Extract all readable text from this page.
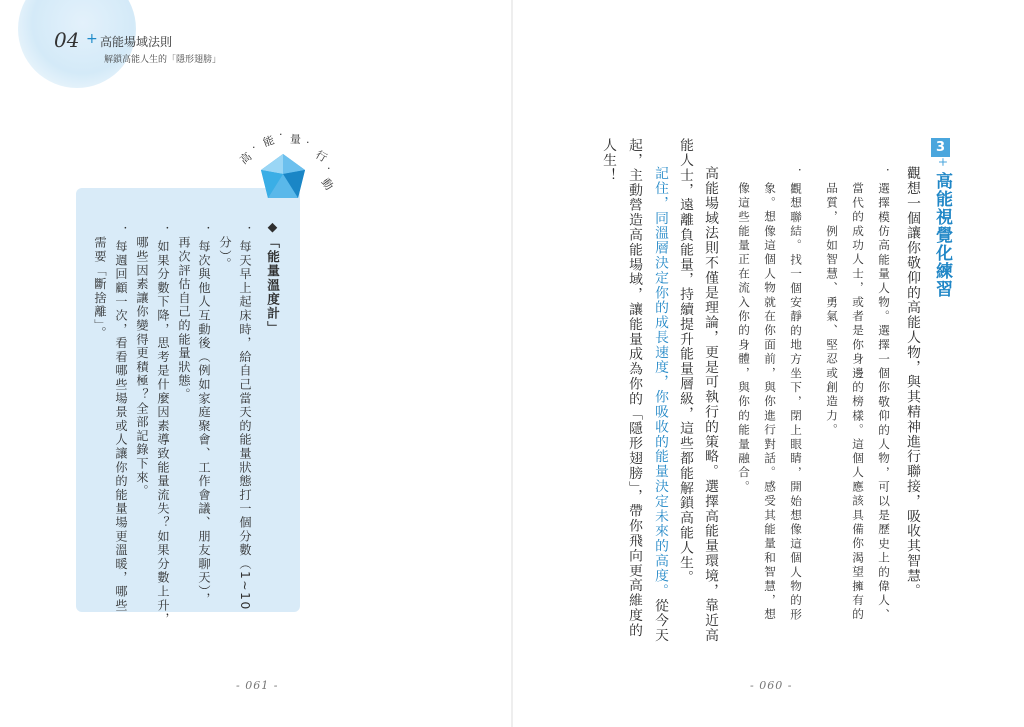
04 + 高能場域法則
解鎖高能人生的「隱形翅膀」
高
· 能 · 量 ·
行
·
動
◆「能量溫度計」
．每天早上起床時，給自己當天的能量狀態打一個分數（1∼10
分）。
．每次與他人互動後（例如家庭聚會、工作會議、朋友聊天），
再次評估自己的能量狀態。
．如果分數下降，思考是什麼因素導致能量流失？如果分數上升，
哪些因素讓你變得更積極？全部記錄下來。
．每週回顧一次，看看哪些場景或人讓你的能量場更溫暖，哪些
需要「斷捨離」。
- 061 -	- 060 -
3
+
高能視覺化練習
觀想一個讓你敬仰的高能人物，與其精神進行聯接，吸收其智慧。
．選擇模仿高能量人物。選擇一個你敬仰的人物，可以是歷史上的偉人、
當代的成功人士，或者是你身邊的榜樣。這個人應該具備你渴望擁有的
品質，例如智慧、勇氣、堅忍或創造力。
．觀想聯結。找一個安靜的地方坐下，閉上眼睛，開始想像這個人物的形
象。想像這個人物就在你面前，與你進行對話。感受其能量和智慧，想
像這些能量正在流入你的身體，與你的能量融合。
高能場域法則不僅是理論，更是可執行的策略。選擇高能量環境，靠近高
能人士，遠離負能量，持續提升能量層級，這些都能解鎖高能人生。
記住，同溫層決定你的成長速度，你吸收的能量決定未來的高度。從今天
起，主動營造高能場域，讓能量成為你的「隱形翅膀」，帶你飛向更高維度的
人生！
